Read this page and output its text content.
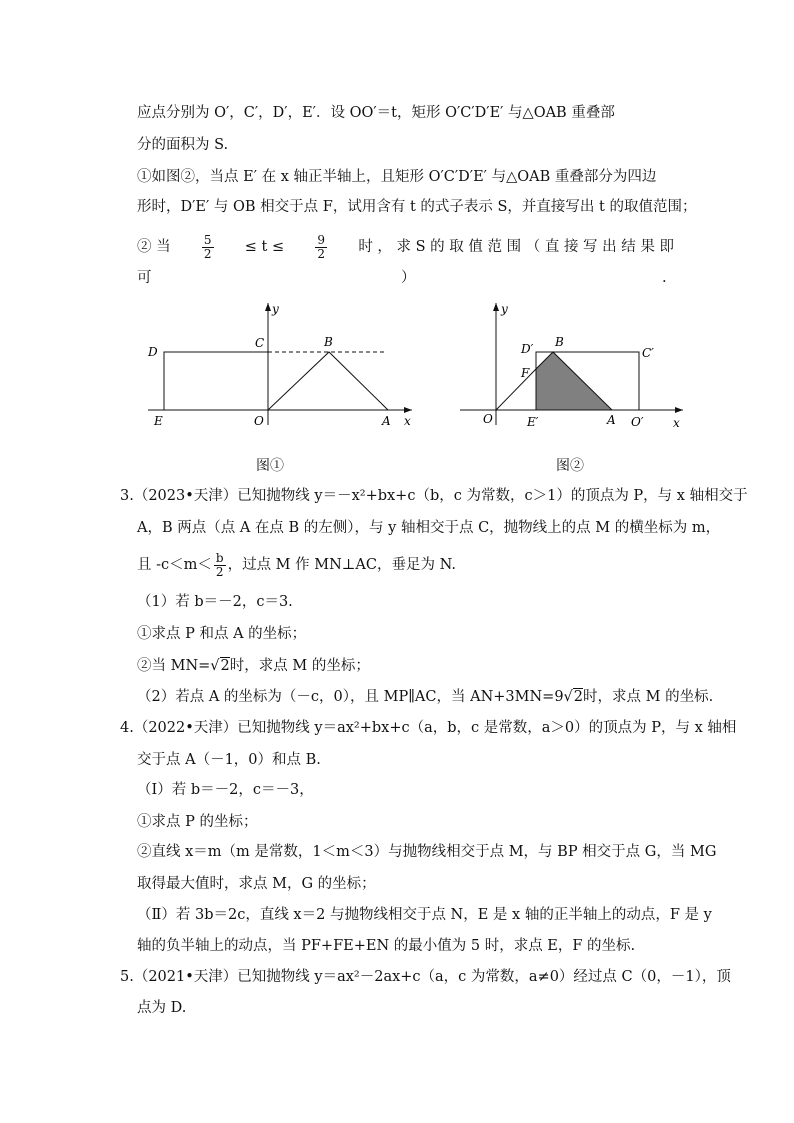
应点分别为 O′，C′，D′，E′．设 OO′＝t，矩形 O′C′D′E′ 与△OAB 重叠部
分的面积为 S.
①如图②，当点 E′ 在 x 轴正半轴上，且矩形 O′C′D′E′ 与△OAB 重叠部分为四边
形时，D′E′ 与 OB 相交于点 F，试用含有 t 的式子表示 S，并直接写出 t 的取值范围；
② 当	$\frac{5}{2} \le t$ ≤	$\frac{9}{2}$ 时 ， 求 S 的 取 值 范 围 （ 直 接 写 出 结 果 即
可	）	.
y
x
D
C	B
E	O	A
图①
y
x
D′ B
C′
F
O	E′	A O′
图②
3.（2023•天津）已知抛物线 y＝－x²+bx+c（b，c 为常数，c＞1）的顶点为 P，与 x 轴相交于
A，B 两点（点 A 在点 B 的左侧），与 y 轴相交于点 C，抛物线上的点 M 的横坐标为 m，
且 $-c<m< \frac{b}{2}$ ，过点 M 作 MN⊥AC，垂足为 N.
（1）若 b＝－2，c＝3.
①求点 P 和点 A 的坐标；
②当 MN=√2时，求点 M 的坐标；
（2）若点 A 的坐标为（－c，0），且 MP∥AC，当 AN+3MN=9√2时，求点 M 的坐标.
4.（2022•天津）已知抛物线 y＝ax²+bx+c（a，b，c 是常数，a＞0）的顶点为 P，与 x 轴相
交于点 A（－1，0）和点 B.
（Ⅰ）若 b＝－2，c＝－3，
①求点 P 的坐标；
②直线 x＝m（m 是常数，1＜m＜3）与抛物线相交于点 M，与 BP 相交于点 G，当 MG
取得最大值时，求点 M，G 的坐标；
（Ⅱ）若 3b＝2c，直线 x＝2 与抛物线相交于点 N，E 是 x 轴的正半轴上的动点，F 是 y
轴的负半轴上的动点，当 PF+FE+EN 的最小值为 5 时，求点 E，F 的坐标.
5.（2021•天津）已知抛物线 y＝ax²－2ax+c（a，c 为常数，a≠0）经过点 C（0，－1），顶
点为 D.
